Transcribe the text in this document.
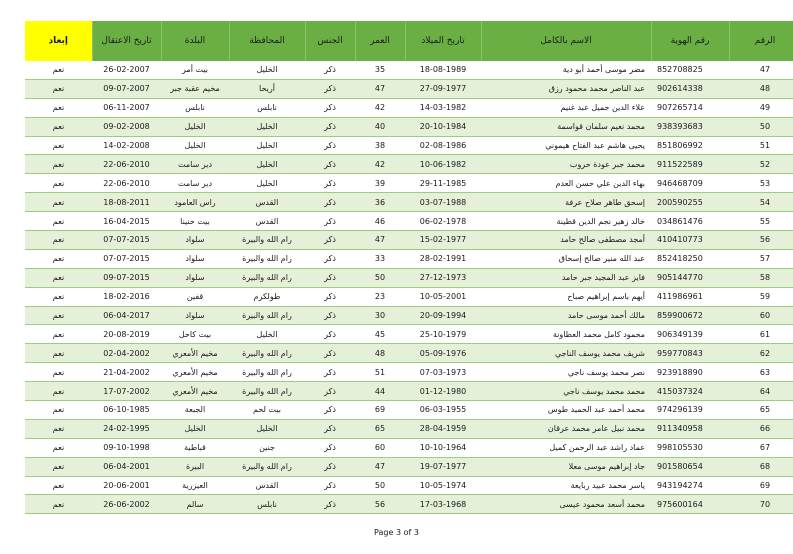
الرقم	رقم الهوية	الاسم بالكامل	تاريخ الميلاد	العمر	الجنس	المحافظة	البلدة	تاريخ الاعتقال	إبعاد
47	852708825	مضر موسى أحمد أبو دية	18-08-1989	35	ذكر	الخليل	بيت أمر	26-02-2007	نعم
48	902614338	عبد الناصر محمد محمود رزق	27-09-1977	47	ذكر	أريحا	مخيم عقبة جبر	09-07-2007	نعم
49	907265714	علاء الدين جميل عبد غنيم	14-03-1982	42	ذكر	نابلس	نابلس	06-11-2007	نعم
50	938393683	محمد نعيم سلمان قواسمة	20-10-1984	40	ذكر	الخليل	الخليل	09-02-2008	نعم
51	851806992	يحيى هاشم عبد الفتاح هيموني	02-08-1986	38	ذكر	الخليل	الخليل	14-02-2008	نعم
52	911522589	محمد جبر عودة حروب	10-06-1982	42	ذكر	الخليل	دير سامت	22-06-2010	نعم
53	946468709	بهاء الدين علي حسن العدم	29-11-1985	39	ذكر	الخليل	دير سامت	22-06-2010	نعم
54	200590255	إسحق طاهر صلاح عرفة	03-07-1988	36	ذكر	القدس	راس العامود	18-08-2011	نعم
55	034861476	خالد زهير نجم الدين قطينة	06-02-1978	46	ذكر	القدس	بيت حنينا	16-04-2015	نعم
56	410410773	أمجد مصطفى صالح حامد	15-02-1977	47	ذكر	رام الله والبيرة	سلواد	07-07-2015	نعم
57	852418250	عبد الله منير صالح إسحاق	28-02-1991	33	ذكر	رام الله والبيرة	سلواد	07-07-2015	نعم
58	905144770	فايز عبد المجيد جبر حامد	27-12-1973	50	ذكر	رام الله والبيرة	سلواد	09-07-2015	نعم
59	411986961	أيهم باسم إبراهيم صباح	10-05-2001	23	ذكر	طولكرم	قفين	18-02-2016	نعم
60	859900672	مالك أحمد موسى حامد	20-09-1994	30	ذكر	رام الله والبيرة	سلواد	06-04-2017	نعم
61	906349139	محمود كامل محمد العطاونة	25-10-1979	45	ذكر	الخليل	بيت كاحل	20-08-2019	نعم
62	959770843	شريف محمد يوسف الناجي	05-09-1976	48	ذكر	رام الله والبيرة	مخيم الأمعري	02-04-2002	نعم
63	923918890	نصر محمد يوسف ناجي	07-03-1973	51	ذكر	رام الله والبيرة	مخيم الأمعري	21-04-2002	نعم
64	415037324	محمد محمد يوسف ناجي	01-12-1980	44	ذكر	رام الله والبيرة	مخيم الأمعري	17-07-2002	نعم
65	974296139	محمد أحمد عبد الحميد طوس	06-03-1955	69	ذكر	بيت لحم	الجبعة	06-10-1985	نعم
66	911340958	محمد نبيل عامر محمد عرقان	28-04-1959	65	ذكر	الخليل	الخليل	24-02-1995	نعم
67	998105530	عماد راشد عبد الرحمن كميل	10-10-1964	60	ذكر	جنين	قباطية	09-10-1998	نعم
68	901580654	جاد إبراهيم موسى معلا	19-07-1977	47	ذكر	رام الله والبيرة	البيرة	06-04-2001	نعم
69	943194274	ياسر محمد عبيد ربايعة	10-05-1974	50	ذكر	القدس	العيزرية	20-06-2001	نعم
70	975600164	محمد أسعد محمود عيسى	17-03-1968	56	ذكر	نابلس	سالم	26-06-2002	نعم
Page 3 of 3
